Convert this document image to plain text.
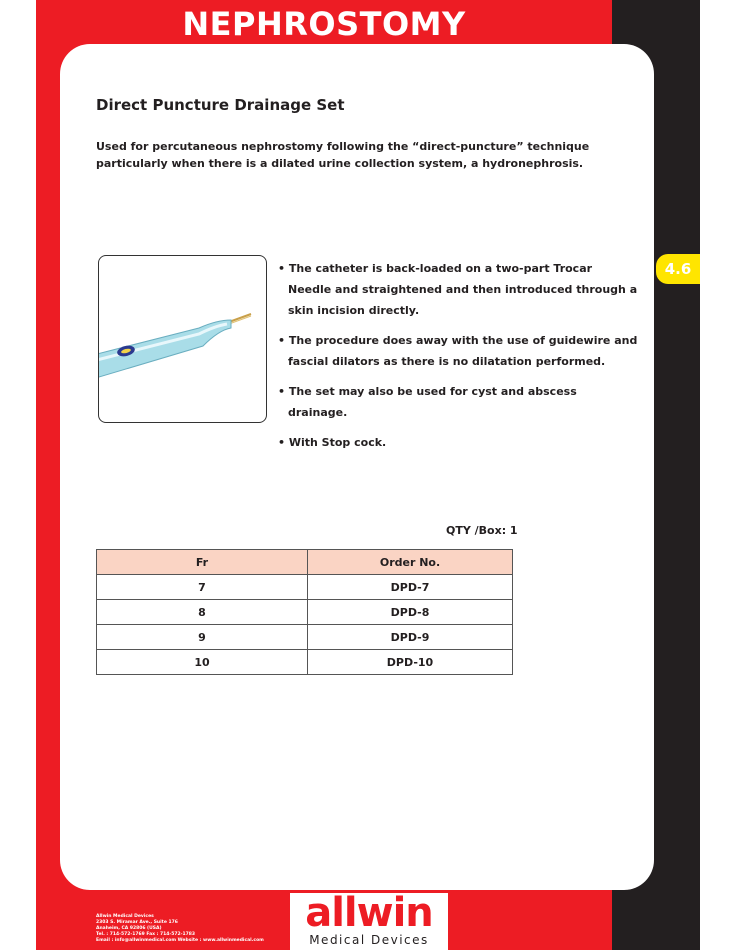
NEPHROSTOMY
4.6
Direct Puncture Drainage Set
Used for percutaneous nephrostomy following the “direct-puncture” technique particularly when there is a dilated urine collection system, a hydronephrosis.
• The catheter is back-loaded on a two-part Trocar Needle and straightened and then introduced through a skin incision directly.
• The procedure does away with the use of guidewire and fascial dilators as there is no dilatation performed.
• The set may also be used for cyst and abscess drainage.
• With Stop cock.
QTY /Box: 1
Fr	Order No.
7	DPD-7
8	DPD-8
9	DPD-9
10	DPD-10
Allwin Medical Devices
2303 S. Miramar Ave., Suite 176
Anaheim, CA 92806 (USA)
Tel. : 714-572-1769 Fax : 714-572-1783
Email : info@allwinmedical.com Website : www.allwinmedical.com
allwin
Medical Devices
